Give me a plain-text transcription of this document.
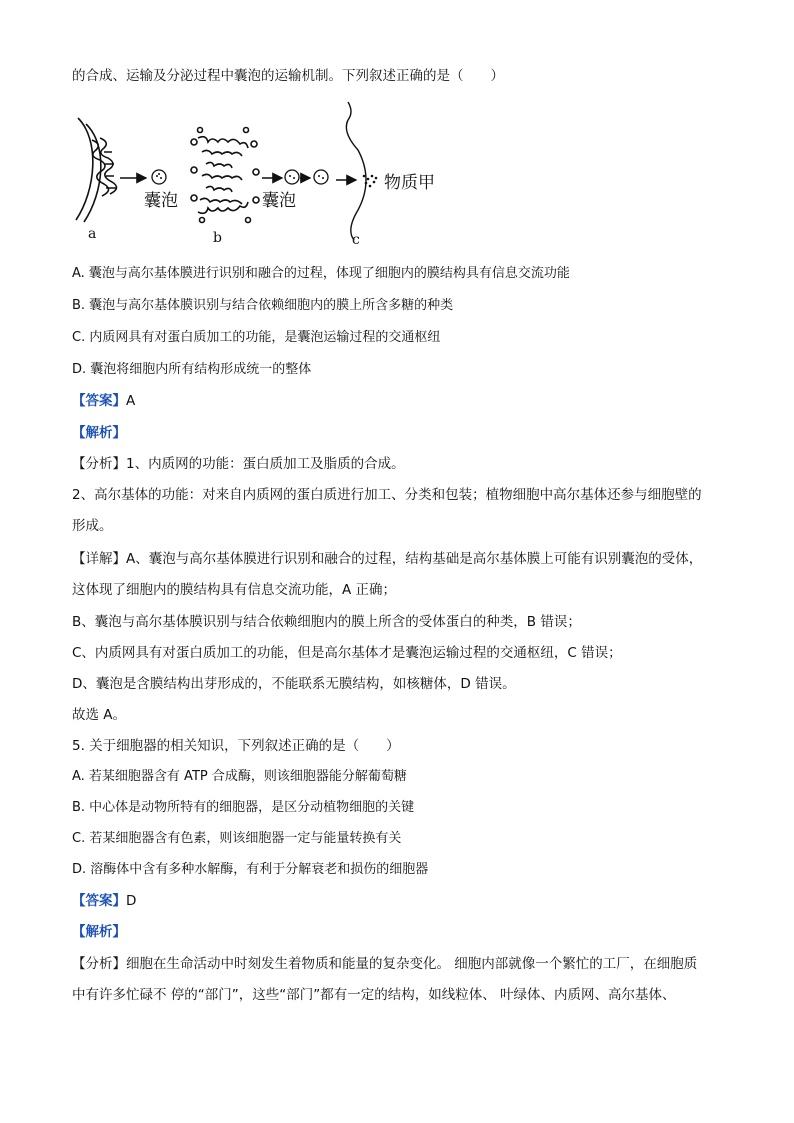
的合成、运输及分泌过程中囊泡的运输机制。下列叙述正确的是（　　）
a
囊泡
b
囊泡
物质甲
c
A. 囊泡与高尔基体膜进行识别和融合的过程，体现了细胞内的膜结构具有信息交流功能
B. 囊泡与高尔基体膜识别与结合依赖细胞内的膜上所含多糖的种类
C. 内质网具有对蛋白质加工的功能，是囊泡运输过程的交通枢纽
D. 囊泡将细胞内所有结构形成统一的整体
【答案】A
【解析】
【分析】1、内质网的功能：蛋白质加工及脂质的合成。
2、高尔基体的功能：对来自内质网的蛋白质进行加工、分类和包装；植物细胞中高尔基体还参与细胞壁的
形成。
【详解】A、囊泡与高尔基体膜进行识别和融合的过程，结构基础是高尔基体膜上可能有识别囊泡的受体，
这体现了细胞内的膜结构具有信息交流功能，A 正确；
B、囊泡与高尔基体膜识别与结合依赖细胞内的膜上所含的受体蛋白的种类，B 错误；
C、内质网具有对蛋白质加工的功能，但是高尔基体才是囊泡运输过程的交通枢纽，C 错误；
D、囊泡是含膜结构出芽形成的，不能联系无膜结构，如核糖体，D 错误。
故选 A。
5. 关于细胞器的相关知识，下列叙述正确的是（　　）
A. 若某细胞器含有 ATP 合成酶，则该细胞器能分解葡萄糖
B. 中心体是动物所特有的细胞器，是区分动植物细胞的关键
C. 若某细胞器含有色素，则该细胞器一定与能量转换有关
D. 溶酶体中含有多种水解酶，有利于分解衰老和损伤的细胞器
【答案】D
【解析】
【分析】细胞在生命活动中时刻发生着物质和能量的复杂变化。 细胞内部就像一个繁忙的工厂，在细胞质
中有许多忙碌不 停的“部门”，这些“部门”都有一定的结构，如线粒体、 叶绿体、内质网、高尔基体、
